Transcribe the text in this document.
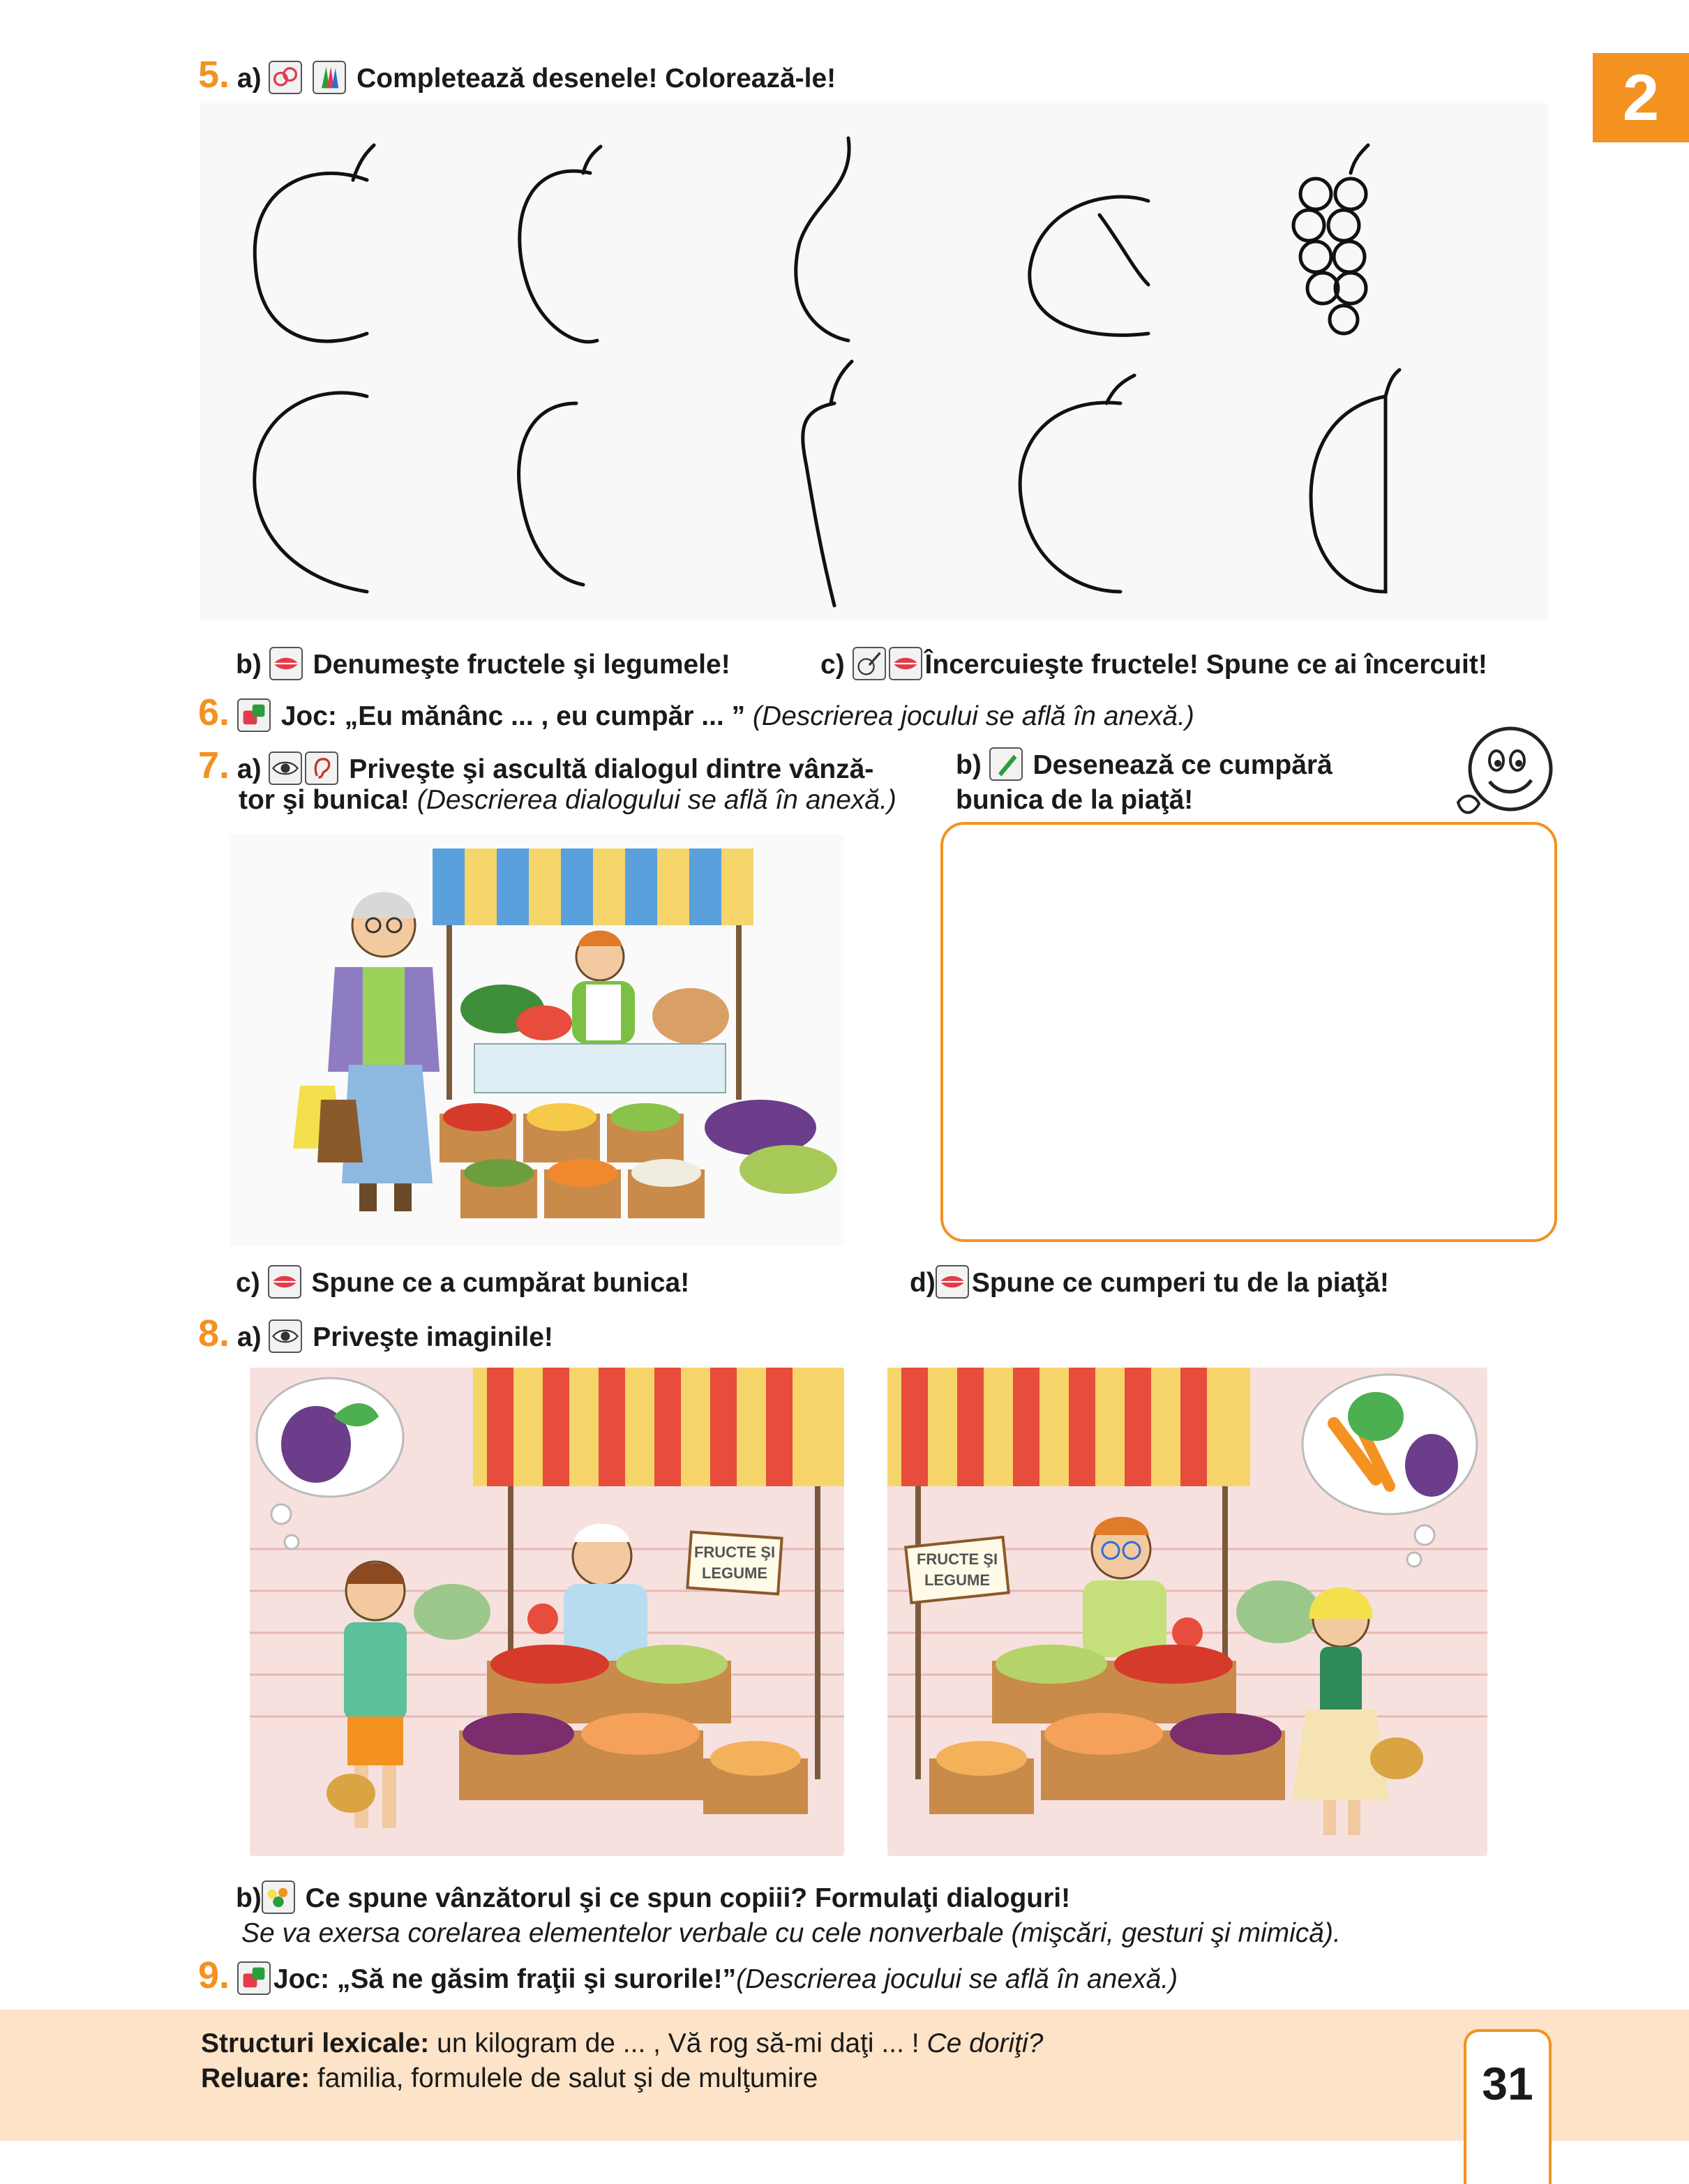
2
5. a)
	Completează desenele! Colorează-le!
b) Denumeşte fructele şi legumele!	c)	Încercuieşte fructele! Spune ce ai încercuit!
6. Joc: „Eu mănânc ... , eu cumpăr ... ” (Descrierea jocului se află în anexă.)
7. a)	Priveşte şi ascultă dialogul dintre vânză-
tor şi bunica! (Descrierea dialogului se află în anexă.)
b) Desenează ce cumpără
bunica de la piaţă!
c) Spune ce a cumpărat bunica!	d) Spune ce cumperi tu de la piaţă!
8. a) Priveşte imaginile!
FRUCTE ŞI
LEGUME
FRUCTE ŞI
LEGUME
b) Ce spune vânzătorul şi ce spun copiii? Formulaţi dialoguri!
Se va exersa corelarea elementelor verbale cu cele nonverbale (mişcări, gesturi şi mimică).
9. Joc: „Să ne găsim fraţii şi surorile!”(Descrierea jocului se află în anexă.)
Structuri lexicale: un kilogram de ... , Vă rog să-mi daţi ... ! Ce doriţi?
Reluare: familia, formulele de salut şi de mulţumire	31
